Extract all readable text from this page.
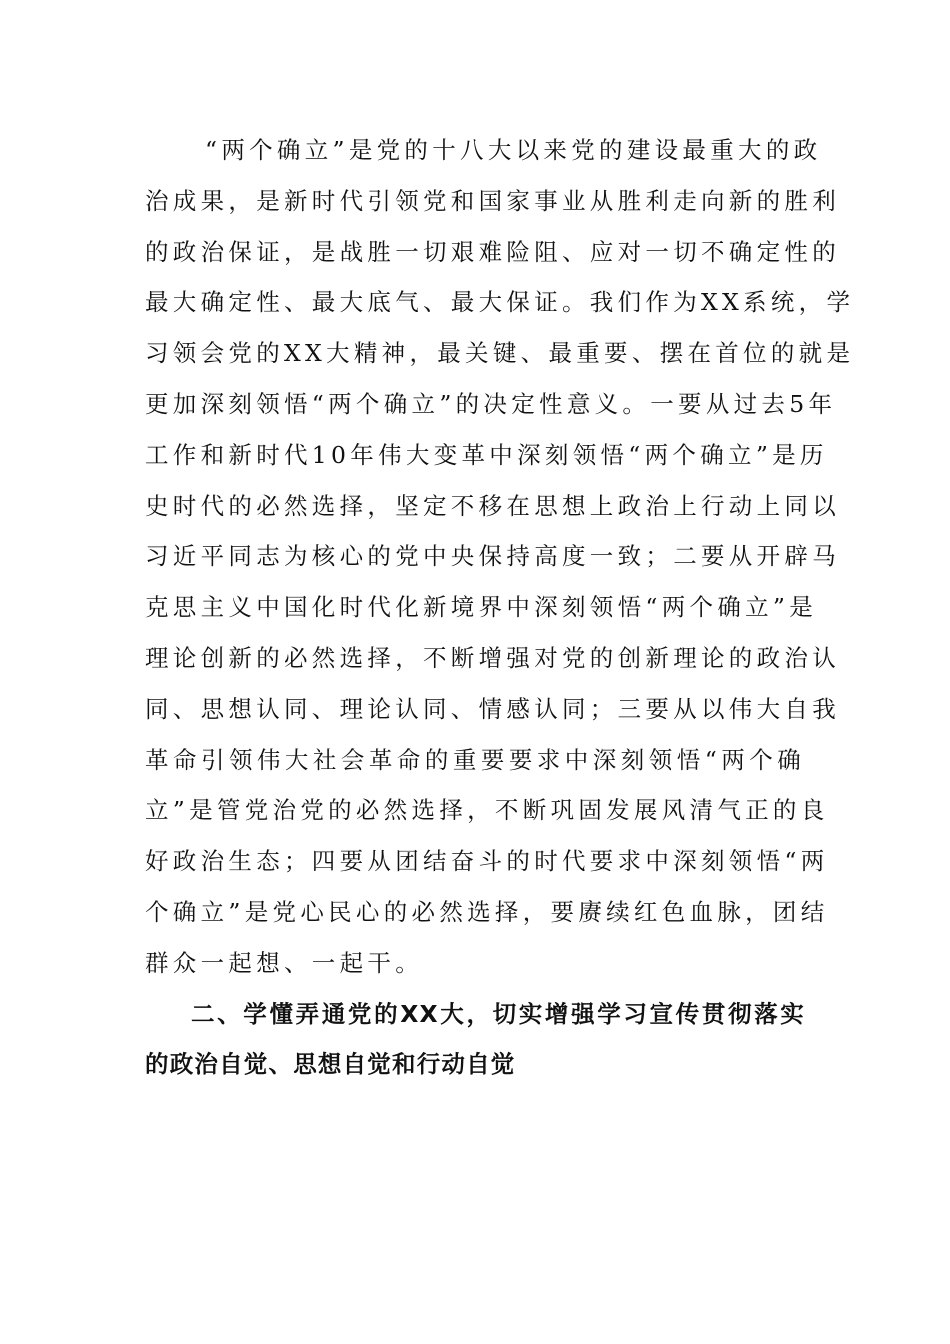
“两个确立”是党的十八大以来党的建设最重大的政
治成果，是新时代引领党和国家事业从胜利走向新的胜利
的政治保证，是战胜一切艰难险阻、应对一切不确定性的
最大确定性、最大底气、最大保证。我们作为XX系统，学
习领会党的XX大精神，最关键、最重要、摆在首位的就是
更加深刻领悟“两个确立”的决定性意义。一要从过去5年
工作和新时代10年伟大变革中深刻领悟“两个确立”是历
史时代的必然选择，坚定不移在思想上政治上行动上同以
习近平同志为核心的党中央保持高度一致；二要从开辟马
克思主义中国化时代化新境界中深刻领悟“两个确立”是
理论创新的必然选择，不断增强对党的创新理论的政治认
同、思想认同、理论认同、情感认同；三要从以伟大自我
革命引领伟大社会革命的重要要求中深刻领悟“两个确
立”是管党治党的必然选择，不断巩固发展风清气正的良
好政治生态；四要从团结奋斗的时代要求中深刻领悟“两
个确立”是党心民心的必然选择，要赓续红色血脉，团结
群众一起想、一起干。

二、学懂弄通党的XX大，切实增强学习宣传贯彻落实
的政治自觉、思想自觉和行动自觉
